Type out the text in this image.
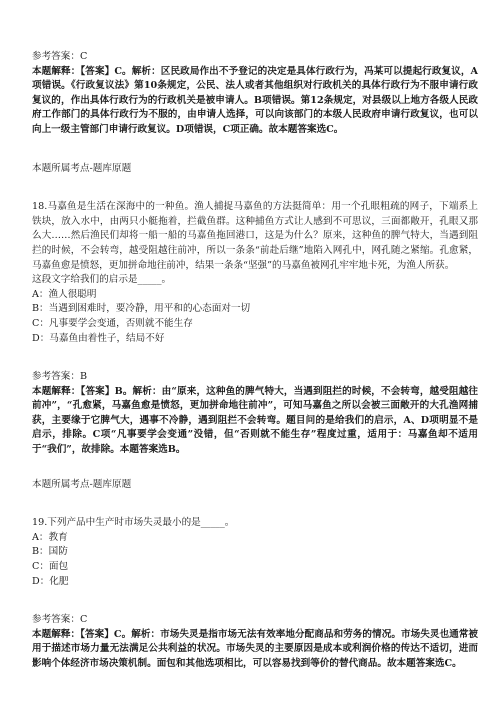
参考答案：C

本题解释：【答案】C。解析：区民政局作出不予登记的决定是具体行政行为，冯某可以提起行政复议，A项错误。《行政复议法》第10条规定，公民、法人或者其他组织对行政机关的具体行政行为不服申请行政复议的，作出具体行政行为的行政机关是被申请人。B项错误。第12条规定，对县级以上地方各级人民政府工作部门的具体行政行为不服的，由申请人选择，可以向该部门的本级人民政府申请行政复议，也可以向上一级主管部门申请行政复议。D项错误，C项正确。故本题答案选C。

本题所属考点-题库原题

18.马嘉鱼是生活在深海中的一种鱼。渔人捕捉马嘉鱼的方法挺简单：用一个孔眼粗疏的网子，下端系上铁块，放入水中，由两只小艇拖着，拦截鱼群。这种捕鱼方式让人感到不可思议，三面都敞开，孔眼又那么大……然后渔民们却将一船一船的马嘉鱼拖回港口，这是为什么？原来，这种鱼的脾气特大，当遇到阻拦的时候，不会转弯，越受阻越往前冲，所以一条条“前赴后继”地陷入网孔中，网孔随之紧缩。孔愈紧，马嘉鱼愈是愤怒，更加拼命地往前冲，结果一条条“坚强”的马嘉鱼被网孔牢牢地卡死，为渔人所获。

这段文字给我们的启示是_____。

A：渔人很聪明

B：当遇到困难时，要冷静，用平和的心态面对一切

C：凡事要学会变通，否则就不能生存

D：马嘉鱼由着性子，结局不好

参考答案：B

本题解释：【答案】B。解析：由“原来，这种鱼的脾气特大，当遇到阻拦的时候，不会转弯，越受阻越往前冲”，“孔愈紧，马嘉鱼愈是愤怒，更加拼命地往前冲”，可知马嘉鱼之所以会被三面敞开的大孔渔网捕获，主要缘于它脾气大，遇事不冷静，遇到阻拦不会转弯。题目问的是给我们的启示，A、D项明显不是启示，排除。C项“凡事要学会变通”没错，但“否则就不能生存”程度过重，适用于：马嘉鱼却不适用于“我们”，故排除。本题答案选B。

本题所属考点-题库原题

19.下列产品中生产时市场失灵最小的是_____。

A：教育

B：国防

C：面包

D：化肥

参考答案：C

本题解释：【答案】C。解析：市场失灵是指市场无法有效率地分配商品和劳务的情况。市场失灵也通常被用于描述市场力量无法满足公共利益的状况。市场失灵的主要原因是成本或利润价格的传达不适切，进而影响个体经济市场决策机制。面包和其他选项相比，可以容易找到等价的替代商品。故本题答案选C。
